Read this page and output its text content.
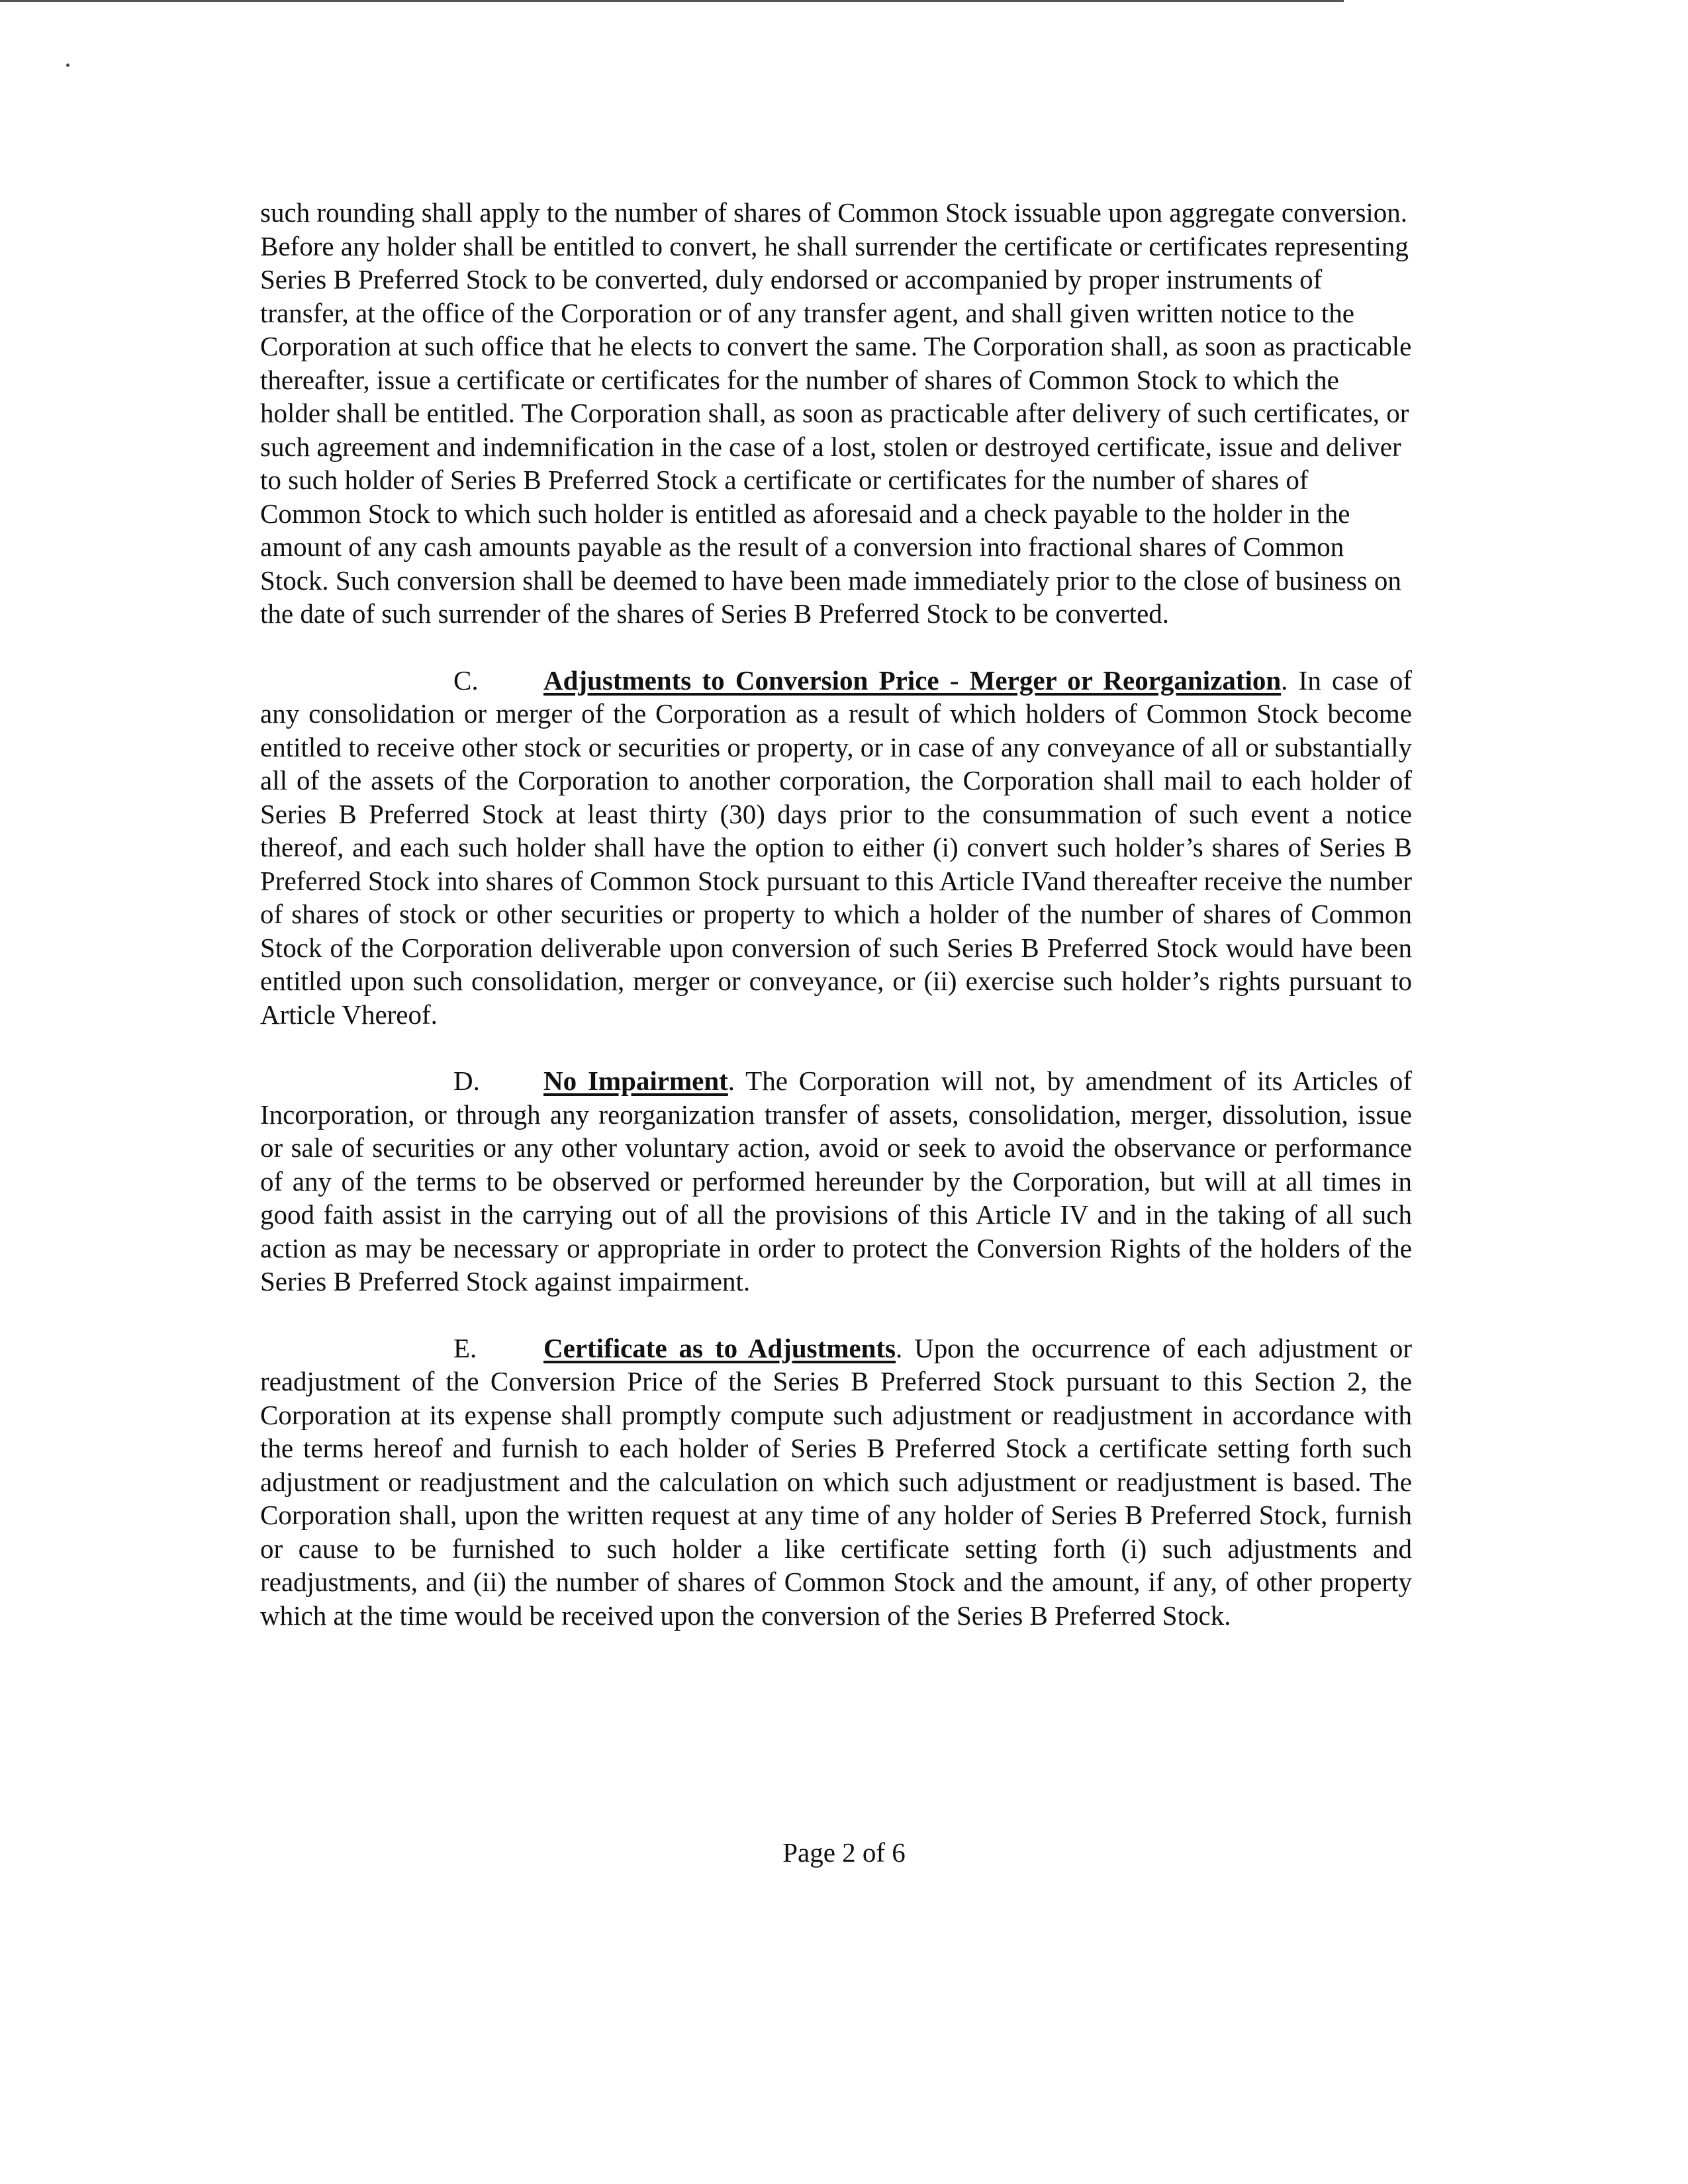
such rounding shall apply to the number of shares of Common Stock issuable upon aggregate conversion. Before any holder shall be entitled to convert, he shall surrender the certificate or certificates representing Series B Preferred Stock to be converted, duly endorsed or accompanied by proper instruments of transfer, at the office of the Corporation or of any transfer agent, and shall given written notice to the Corporation at such office that he elects to convert the same. The Corporation shall, as soon as practicable thereafter, issue a certificate or certificates for the number of shares of Common Stock to which the holder shall be entitled. The Corporation shall, as soon as practicable after delivery of such certificates, or such agreement and indemnification in the case of a lost, stolen or destroyed certificate, issue and deliver to such holder of Series B Preferred Stock a certificate or certificates for the number of shares of Common Stock to which such holder is entitled as aforesaid and a check payable to the holder in the amount of any cash amounts payable as the result of a conversion into fractional shares of Common Stock. Such conversion shall be deemed to have been made immediately prior to the close of business on the date of such surrender of the shares of Series B Preferred Stock to be converted.

C. Adjustments to Conversion Price - Merger or Reorganization. In case of any consolidation or merger of the Corporation as a result of which holders of Common Stock become entitled to receive other stock or securities or property, or in case of any conveyance of all or substantially all of the assets of the Corporation to another corporation, the Corporation shall mail to each holder of Series B Preferred Stock at least thirty (30) days prior to the consummation of such event a notice thereof, and each such holder shall have the option to either (i) convert such holder’s shares of Series B Preferred Stock into shares of Common Stock pursuant to this Article IVand thereafter receive the number of shares of stock or other securities or property to which a holder of the number of shares of Common Stock of the Corporation deliverable upon conversion of such Series B Preferred Stock would have been entitled upon such consolidation, merger or conveyance, or (ii) exercise such holder’s rights pursuant to Article Vhereof.

D. No Impairment. The Corporation will not, by amendment of its Articles of Incorporation, or through any reorganization transfer of assets, consolidation, merger, dissolution, issue or sale of securities or any other voluntary action, avoid or seek to avoid the observance or performance of any of the terms to be observed or performed hereunder by the Corporation, but will at all times in good faith assist in the carrying out of all the provisions of this Article IV and in the taking of all such action as may be necessary or appropriate in order to protect the Conversion Rights of the holders of the Series B Preferred Stock against impairment.

E. Certificate as to Adjustments. Upon the occurrence of each adjustment or readjustment of the Conversion Price of the Series B Preferred Stock pursuant to this Section 2, the Corporation at its expense shall promptly compute such adjustment or readjustment in accordance with the terms hereof and furnish to each holder of Series B Preferred Stock a certificate setting forth such adjustment or readjustment and the calculation on which such adjustment or readjustment is based. The Corporation shall, upon the written request at any time of any holder of Series B Preferred Stock, furnish or cause to be furnished to such holder a like certificate setting forth (i) such adjustments and readjustments, and (ii) the number of shares of Common Stock and the amount, if any, of other property which at the time would be received upon the conversion of the Series B Preferred Stock.

Page 2 of 6
